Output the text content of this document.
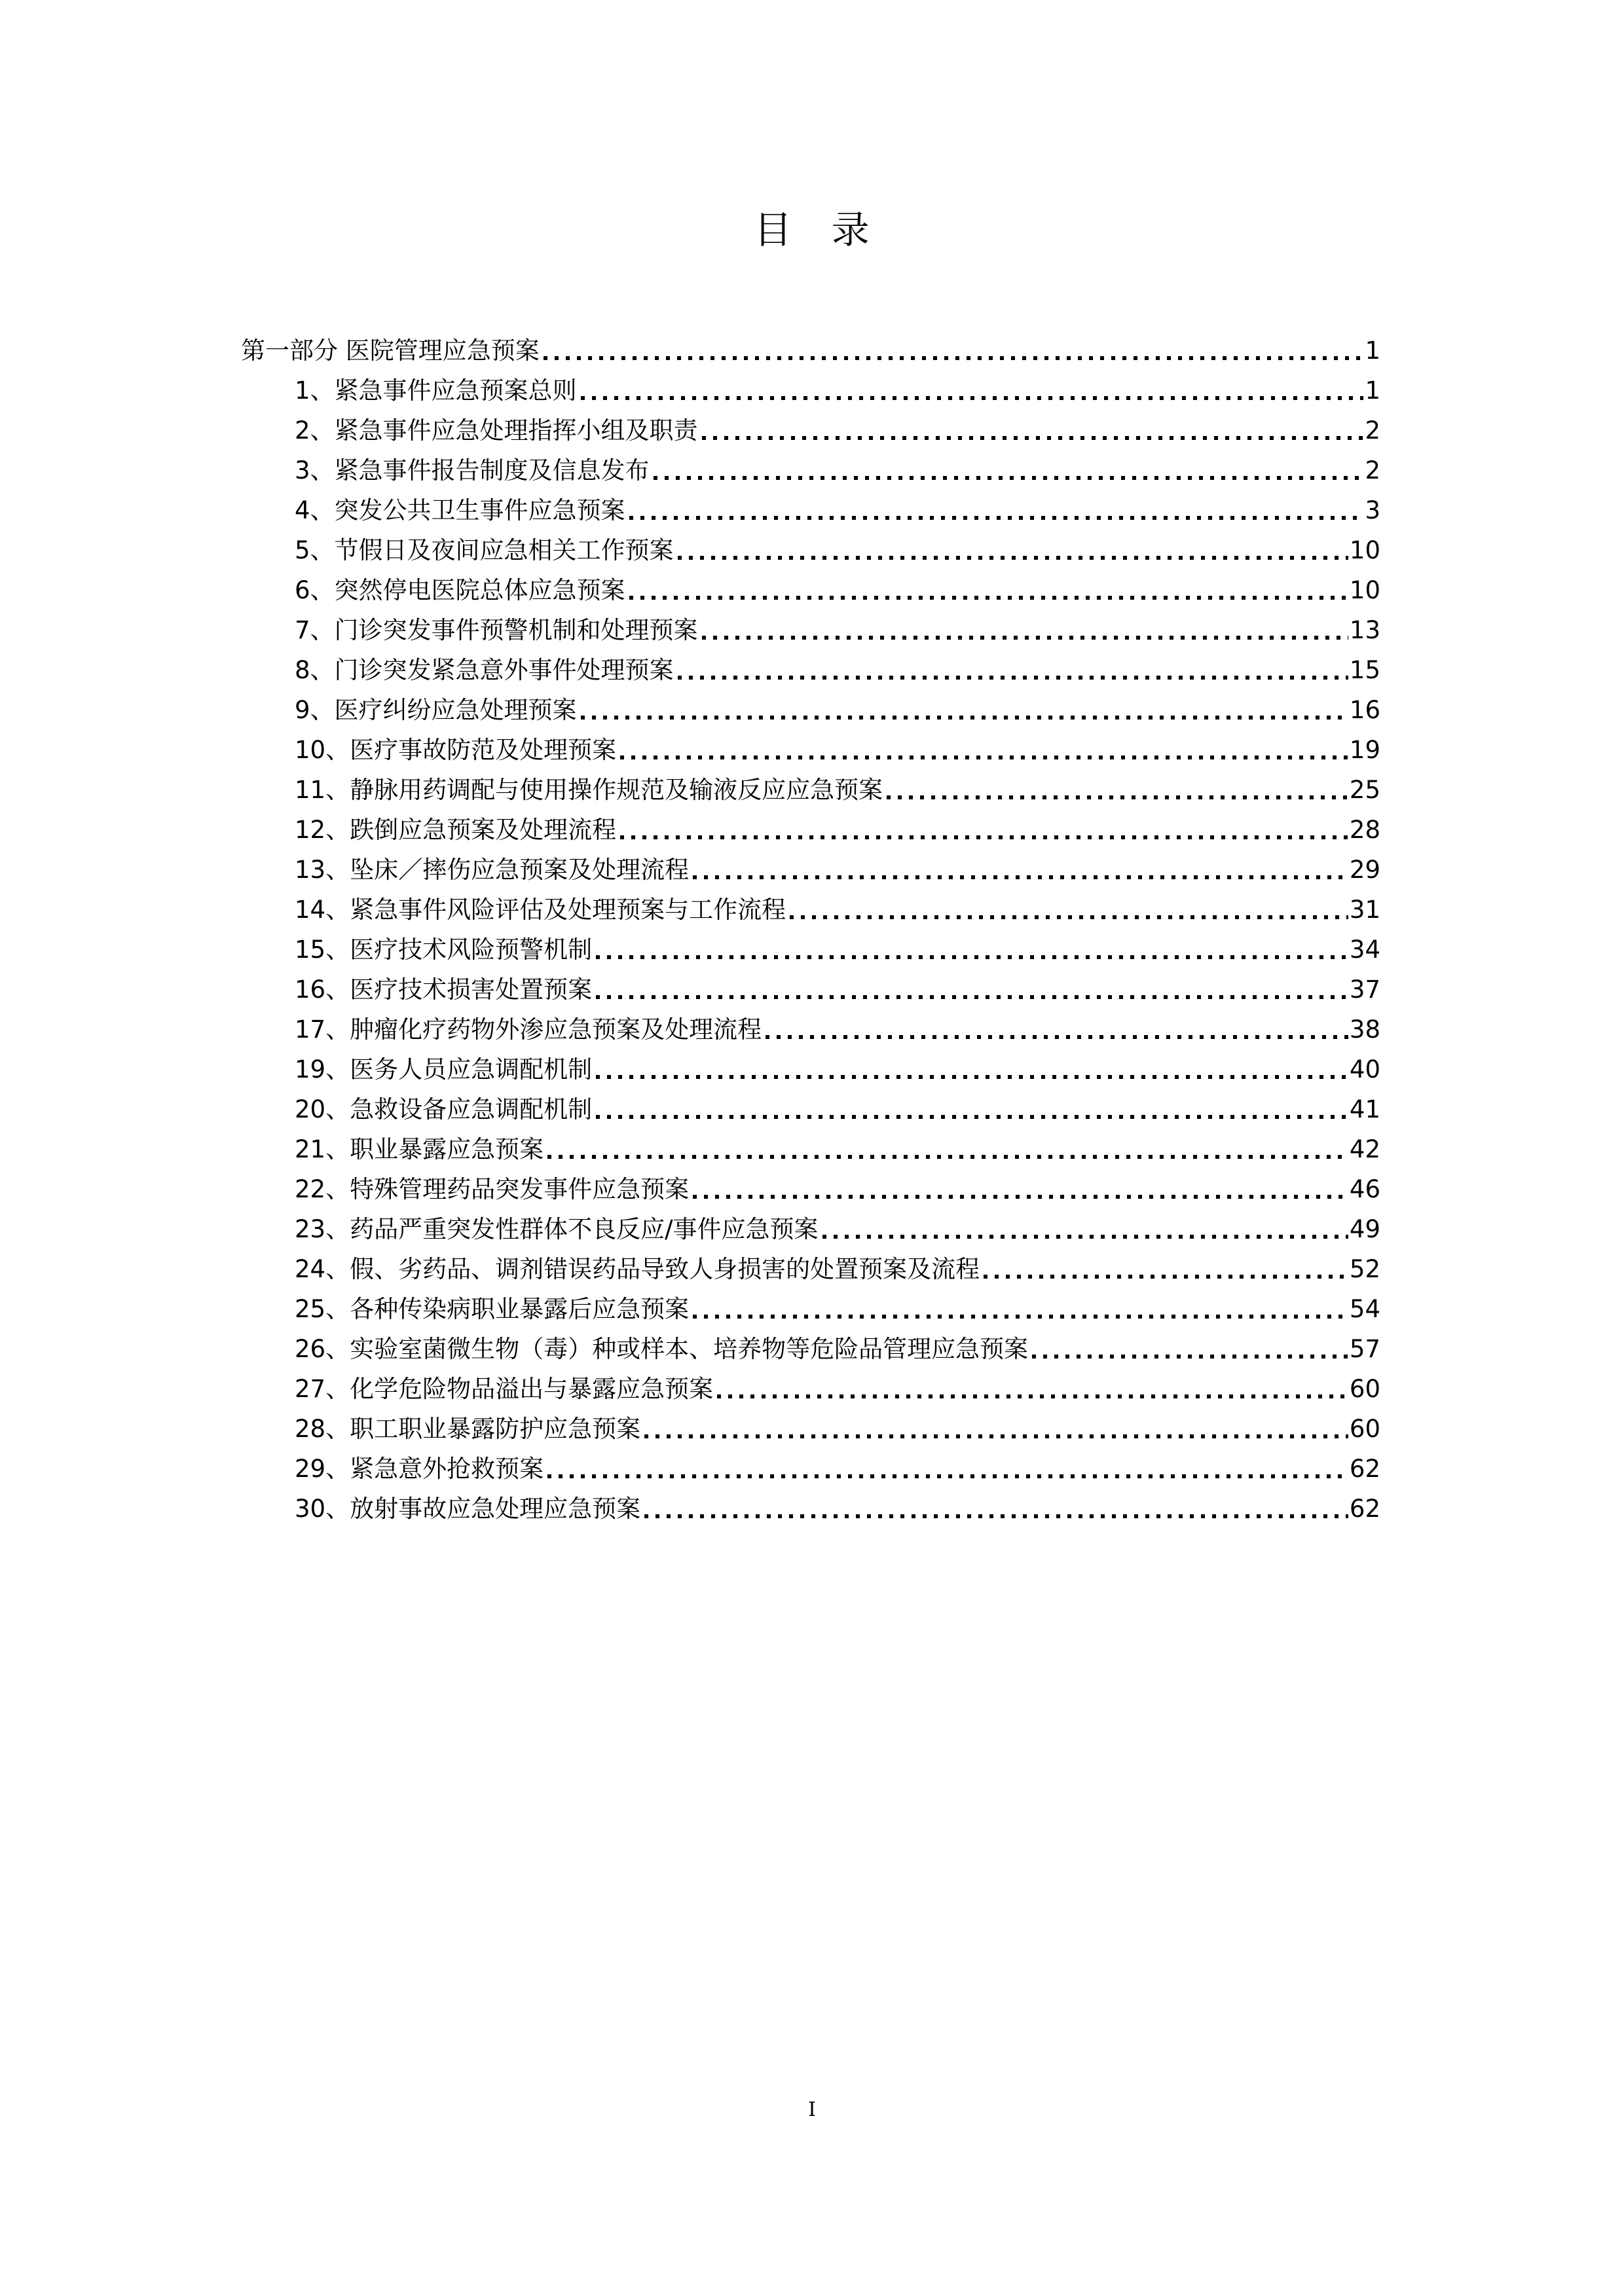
目　录
第一部分 医院管理应急预案	1
1、紧急事件应急预案总则	1
2、紧急事件应急处理指挥小组及职责	2
3、紧急事件报告制度及信息发布	2
4、突发公共卫生事件应急预案	3
5、节假日及夜间应急相关工作预案	10
6、突然停电医院总体应急预案	10
7、门诊突发事件预警机制和处理预案	13
8、门诊突发紧急意外事件处理预案	15
9、医疗纠纷应急处理预案	16
10、医疗事故防范及处理预案	19
11、静脉用药调配与使用操作规范及输液反应应急预案	25
12、跌倒应急预案及处理流程	28
13、坠床／摔伤应急预案及处理流程	29
14、紧急事件风险评估及处理预案与工作流程	31
15、医疗技术风险预警机制	34
16、医疗技术损害处置预案	37
17、肿瘤化疗药物外渗应急预案及处理流程	38
19、医务人员应急调配机制	40
20、急救设备应急调配机制	41
21、职业暴露应急预案	42
22、特殊管理药品突发事件应急预案	46
23、药品严重突发性群体不良反应/事件应急预案	49
24、假、劣药品、调剂错误药品导致人身损害的处置预案及流程	52
25、各种传染病职业暴露后应急预案	54
26、实验室菌微生物（毒）种或样本、培养物等危险品管理应急预案	57
27、化学危险物品溢出与暴露应急预案	60
28、职工职业暴露防护应急预案	60
29、紧急意外抢救预案	62
30、放射事故应急处理应急预案	62
I
